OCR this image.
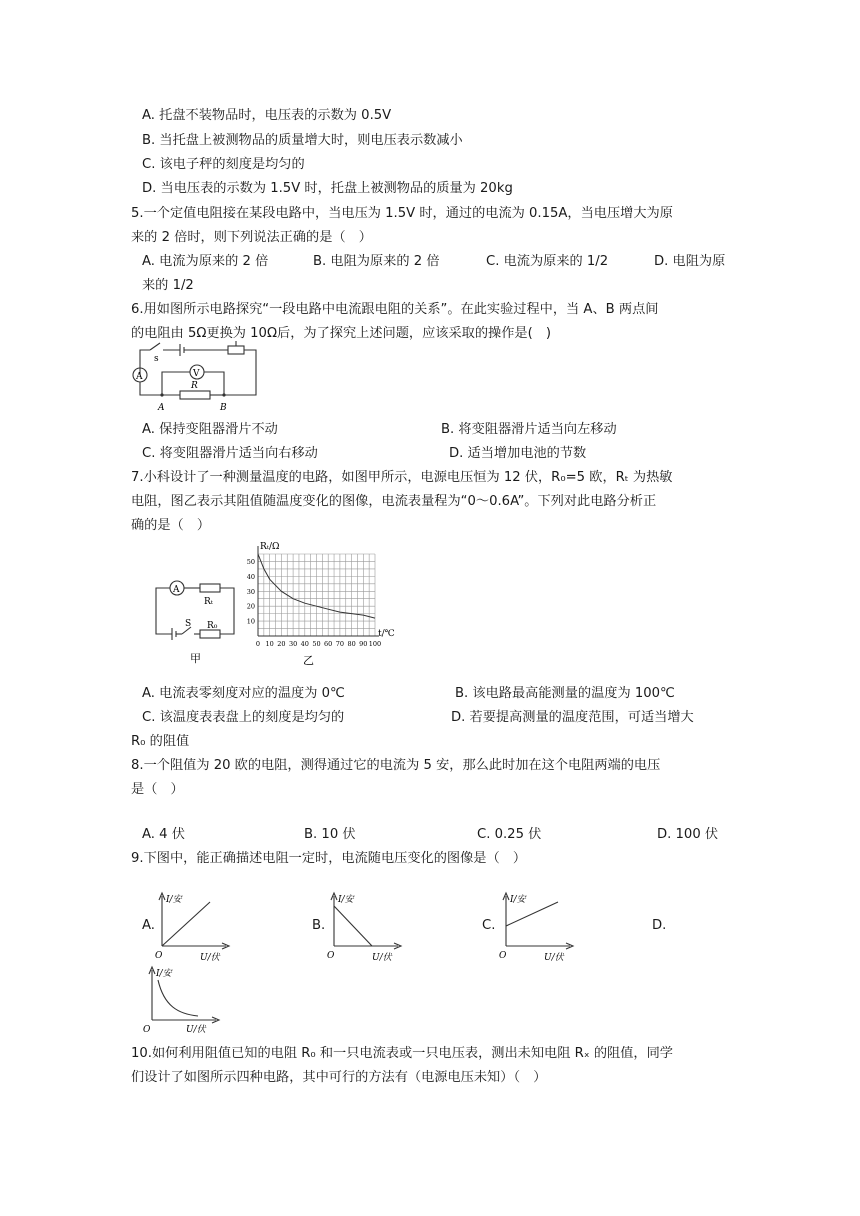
A. 托盘不装物品时，电压表的示数为 0.5V
B. 当托盘上被测物品的质量增大时，则电压表示数减小
C. 该电子秤的刻度是均匀的
D. 当电压表的示数为 1.5V 时，托盘上被测物品的质量为 20kg
5.一个定值电阻接在某段电路中，当电压为 1.5V 时，通过的电流为 0.15A，当电压增大为原
来的 2 倍时，则下列说法正确的是（　）
A. 电流为原来的 2 倍	B. 电阻为原来的 2 倍	C. 电流为原来的 1/2	D. 电阻为原
来的 1/2
6.用如图所示电路探究“一段电路中电流跟电阻的关系”。在此实验过程中，当 A、B 两点间
的电阻由 5Ω更换为 10Ω后，为了探究上述问题，应该采取的操作是(　)
s
A	V
R
A	B
A. 保持变阻器滑片不动	B. 将变阻器滑片适当向左移动
C. 将变阻器滑片适当向右移动	D. 适当增加电池的节数
7.小科设计了一种测量温度的电路，如图甲所示，电源电压恒为 12 伏，R₀=5 欧，Rₜ 为热敏
电阻，图乙表示其阻值随温度变化的图像，电流表量程为“0～0.6A”。下列对此电路分析正
确的是（　）
A
Rₜ
S R₀
甲
0 10 20 30 40 50 60 70 80 90 100
10
20
30
40
50
Rₜ/Ω
t/℃
乙
A. 电流表零刻度对应的温度为 0℃	B. 该电路最高能测量的温度为 100℃
C. 该温度表表盘上的刻度是均匀的	D. 若要提高测量的温度范围，可适当增大
R₀ 的阻值
8.一个阻值为 20 欧的电阻，测得通过它的电流为 5 安，那么此时加在这个电阻两端的电压
是（　）
A. 4 伏	B. 10 伏	C. 0.25 伏	D. 100 伏
9.下图中，能正确描述电阻一定时，电流随电压变化的图像是（　）
A.	B.	C.	D.
I/安
O	U/伏
I/安
O	U/伏
I/安
O	U/伏
I/安
O	U/伏
10.如何利用阻值已知的电阻 R₀ 和一只电流表或一只电压表，测出未知电阻 Rₓ 的阻值，同学
们设计了如图所示四种电路，其中可行的方法有（电源电压未知）（　）
